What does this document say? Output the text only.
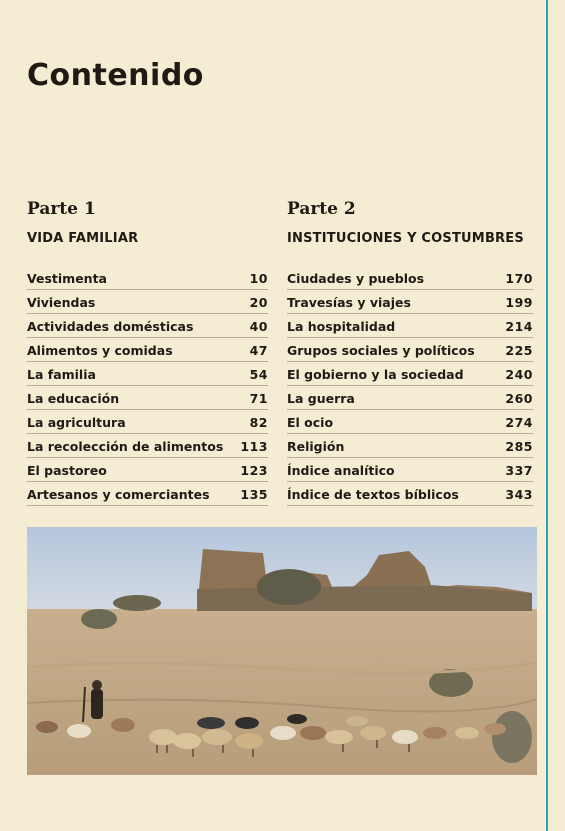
Contenido
Parte 1
VIDA FAMILIAR
Vestimenta	10
Viviendas	20
Actividades domésticas	40
Alimentos y comidas	47
La familia	54
La educación	71
La agricultura	82
La recolección de alimentos 113
El pastoreo	123
Artesanos y comerciantes 135
Parte 2
INSTITUCIONES Y COSTUMBRES
Ciudades y pueblos	170
Travesías y viajes	199
La hospitalidad	214
Grupos sociales y políticos 225
El gobierno y la sociedad	240
La guerra	260
El ocio	274
Religión	285
Índice analítico	337
Índice de textos bíblicos	343
